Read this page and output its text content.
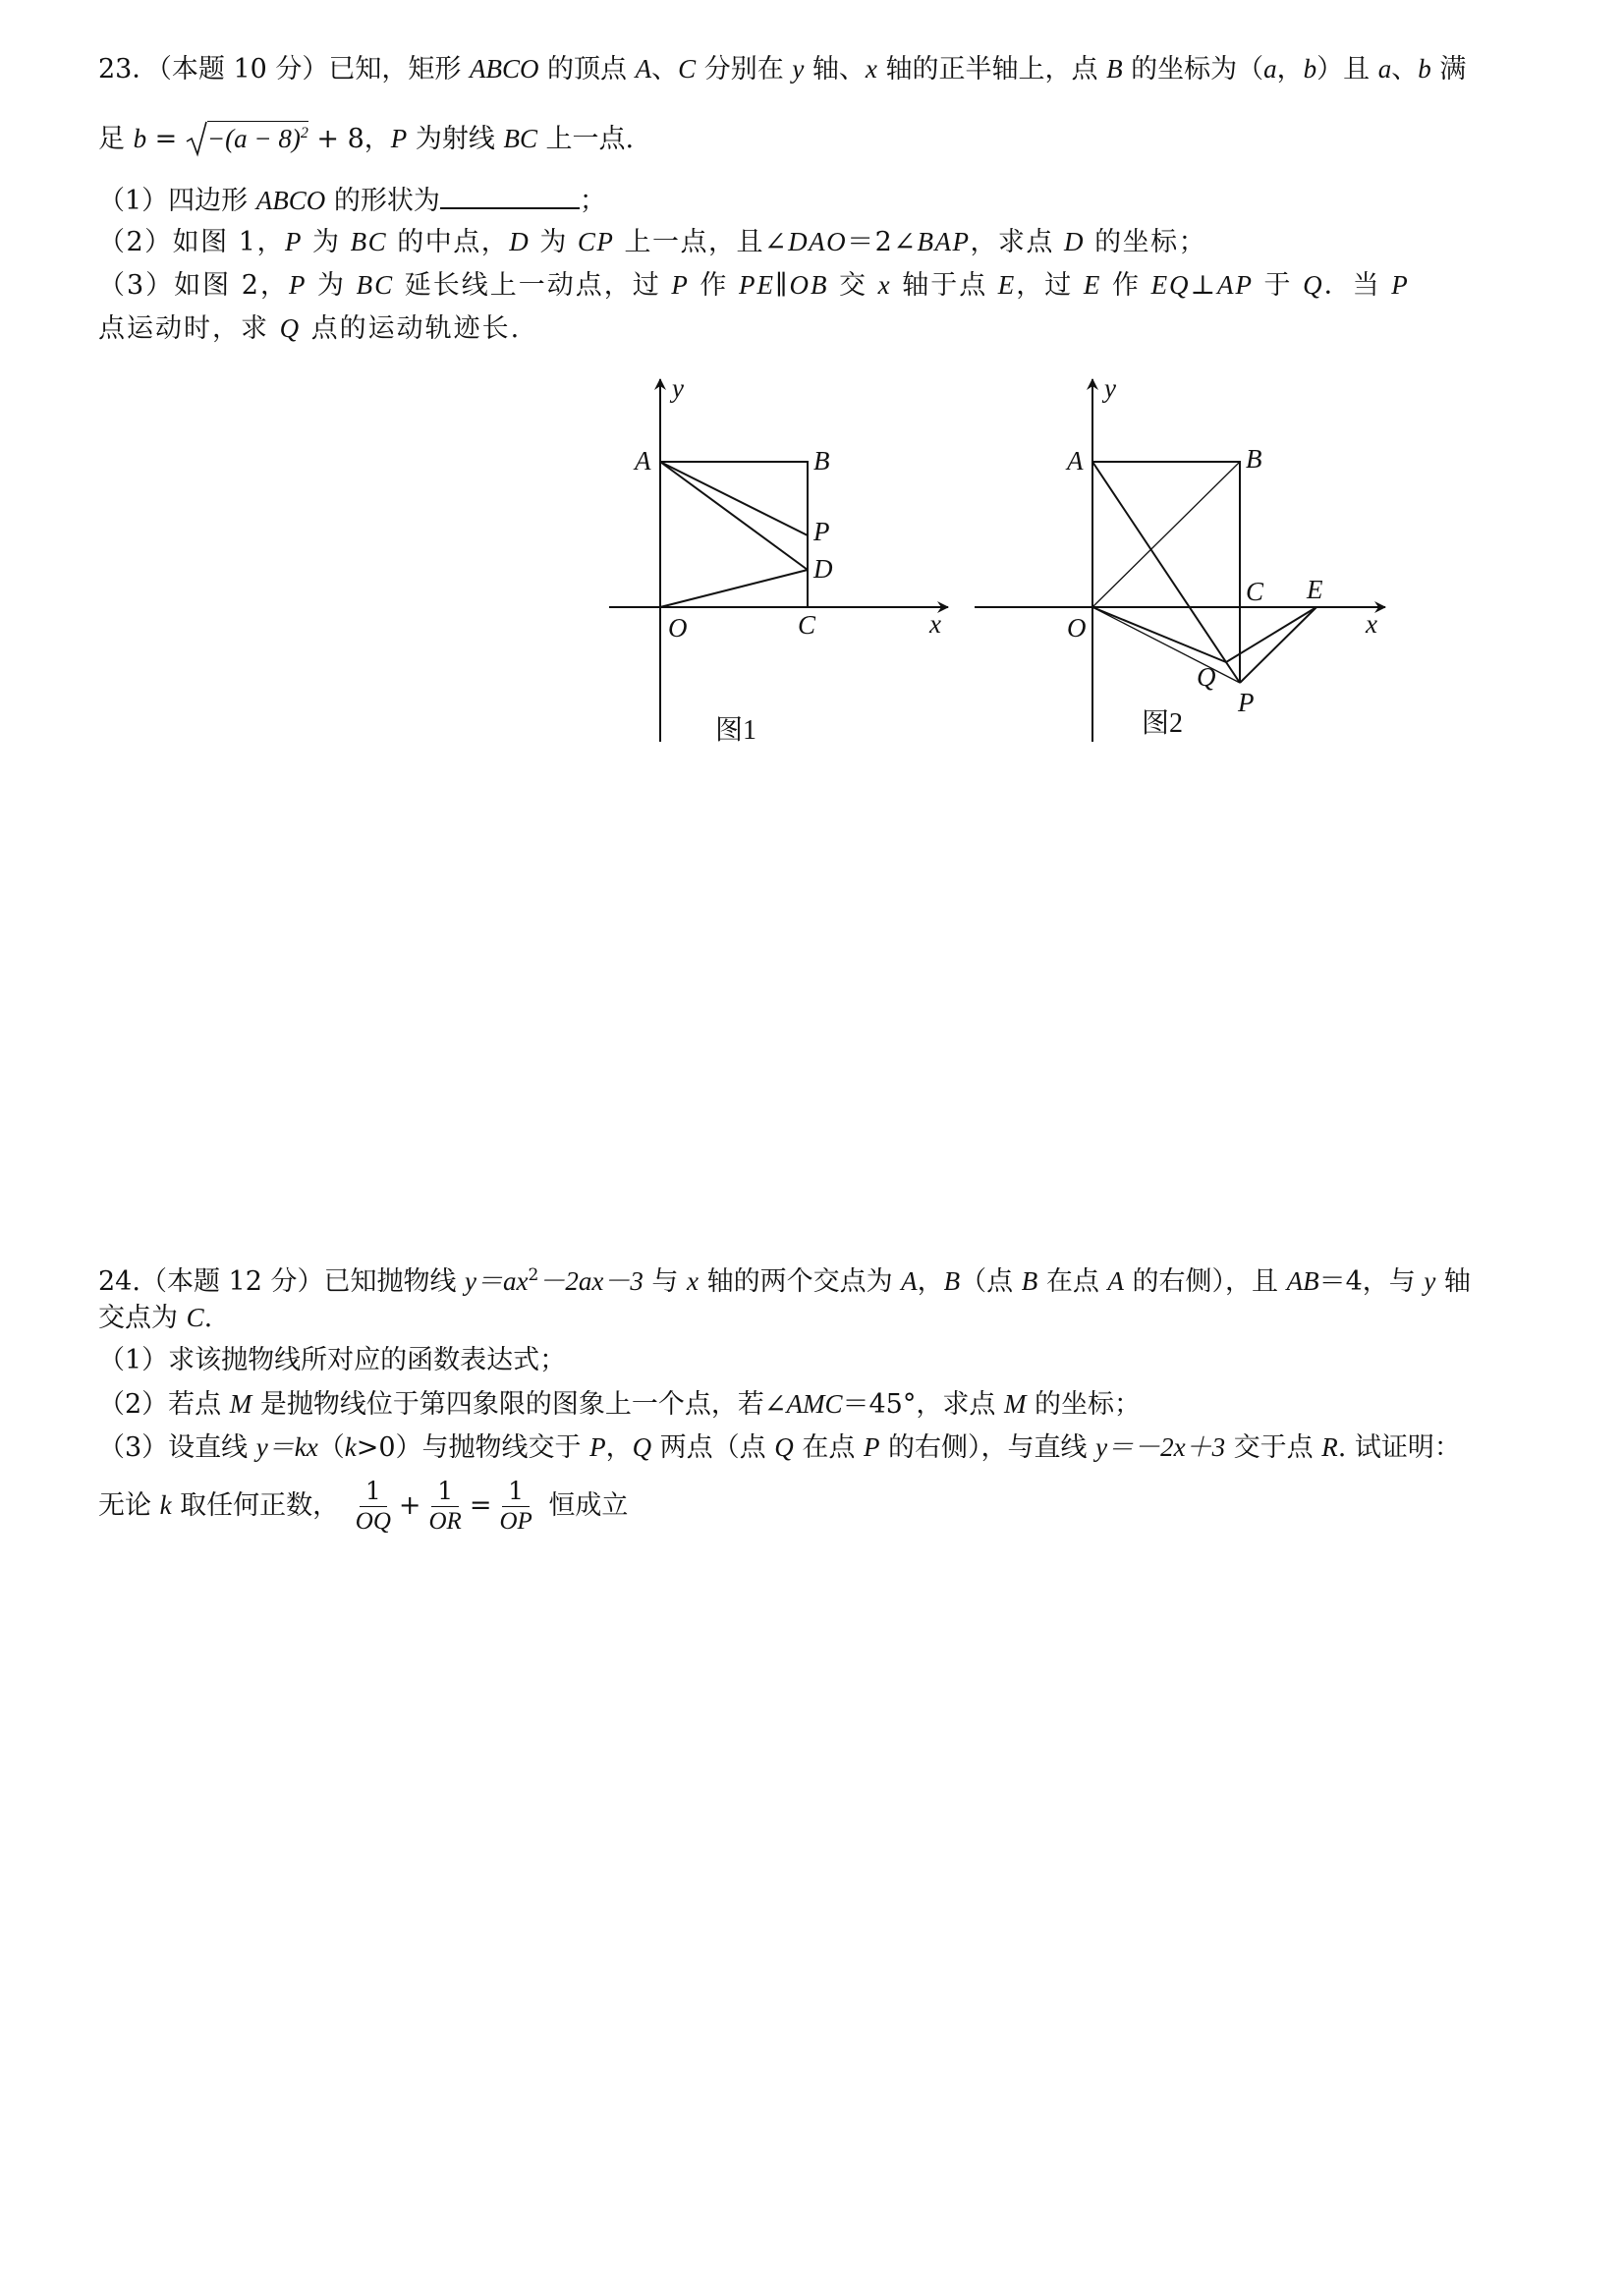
23．（本题 10 分）已知，矩形 ABCO 的顶点 A、C 分别在 y 轴、x 轴的正半轴上，点 B 的坐标为（a，b）且 a、b 满
足 $b = -(a - 8)^2 + 8$，P 为射线 BC 上一点.
（1）四边形 ABCO 的形状为	；
（2）如图 1，P 为 BC 的中点，D 为 CP 上一点，且∠DAO＝2∠BAP，求点 D 的坐标；
（3）如图 2，P 为 BC 延长线上一动点，过 P 作 PE∥OB 交 x 轴于点 E，过 E 作 EQ⊥AP 于 Q．当 P
点运动时，求 Q 点的运动轨迹长.
y
x
A	B
P
D
O	C
图1
y
x
A	B
C E
O
Q
P
图2
24.（本题 12 分）已知抛物线 $y=ax^2-2ax-3$ 与 x 轴的两个交点为 A，B（点 B 在点 A 的右侧），且 AB＝4，与 y 轴
交点为 C.
（1）求该抛物线所对应的函数表达式；
（2）若点 M 是抛物线位于第四象限的图象上一个点，若∠AMC＝45°，求点 M 的坐标；
（3）设直线 y＝kx（k>0）与抛物线交于 P，Q 两点（点 Q 在点 P 的右侧），与直线 y＝－2x＋3 交于点 R. 试证明：
无论 k 取任何正数， $\frac{1}{OQ} + \frac{1}{OR} = \frac{1}{OP}$ 恒成立
